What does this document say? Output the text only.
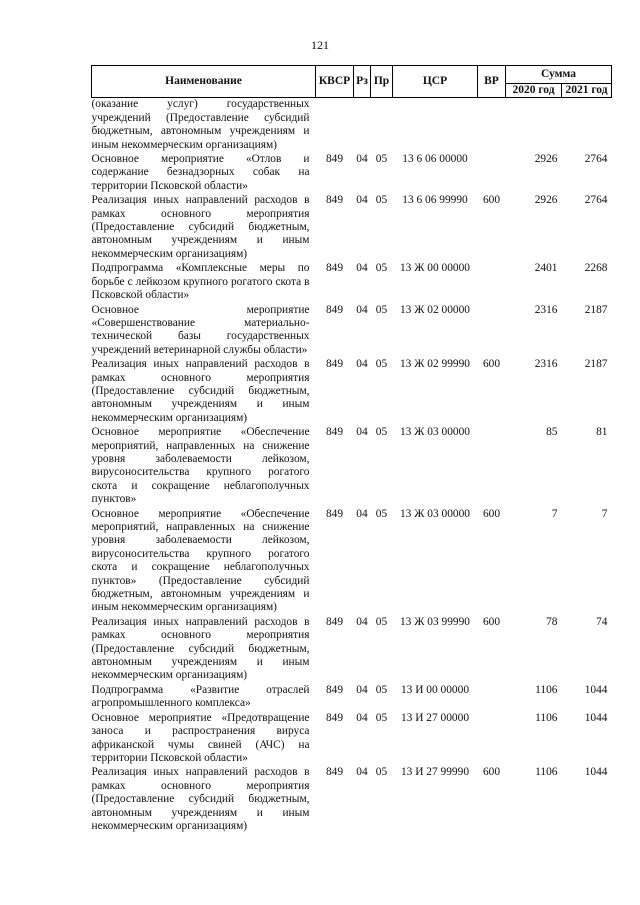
121
Наименование	КВСР	Рз	Пр	ЦСР	ВР	Сумма	
						2020 год	2021 год
(оказание услуг) государственных учреждений (Предоставление субсидий бюджетным, автономным учреждениям и иным некоммерческим организациям)							
Основное мероприятие «Отлов и содержание безнадзорных собак на территории Псковской области»	849	04	05	13 6 06 00000		2926	2764
Реализация иных направлений расходов в рамках основного мероприятия (Предоставление субсидий бюджетным, автономным учреждениям и иным некоммерческим организациям)	849	04	05	13 6 06 99990	600	2926	2764
Подпрограмма «Комплексные меры по борьбе с лейкозом крупного рогатого скота в Псковской области»	849	04	05	13 Ж 00 00000		2401	2268
Основное мероприятие «Совершенствование материально-технической базы государственных учреждений ветеринарной службы области»	849	04	05	13 Ж 02 00000		2316	2187
Реализация иных направлений расходов в рамках основного мероприятия (Предоставление субсидий бюджетным, автономным учреждениям и иным некоммерческим организациям)	849	04	05	13 Ж 02 99990	600	2316	2187
Основное мероприятие «Обеспечение мероприятий, направленных на снижение уровня заболеваемости лейкозом, вирусоносительства крупного рогатого скота и сокращение неблагополучных пунктов»	849	04	05	13 Ж 03 00000		85	81
Основное мероприятие «Обеспечение мероприятий, направленных на снижение уровня заболеваемости лейкозом, вирусоносительства крупного рогатого скота и сокращение неблагополучных пунктов» (Предоставление субсидий бюджетным, автономным учреждениям и иным некоммерческим организациям)	849	04	05	13 Ж 03 00000	600	7	7
Реализация иных направлений расходов в рамках основного мероприятия (Предоставление субсидий бюджетным, автономным учреждениям и иным некоммерческим организациям)	849	04	05	13 Ж 03 99990	600	78	74
Подпрограмма «Развитие отраслей агропромышленного комплекса»	849	04	05	13 И 00 00000		1106	1044
Основное мероприятие «Предотвращение заноса и распространения вируса африканской чумы свиней (АЧС) на территории Псковской области»	849	04	05	13 И 27 00000		1106	1044
Реализация иных направлений расходов в рамках основного мероприятия (Предоставление субсидий бюджетным, автономным учреждениям и иным некоммерческим организациям)	849	04	05	13 И 27 99990	600	1106	1044
